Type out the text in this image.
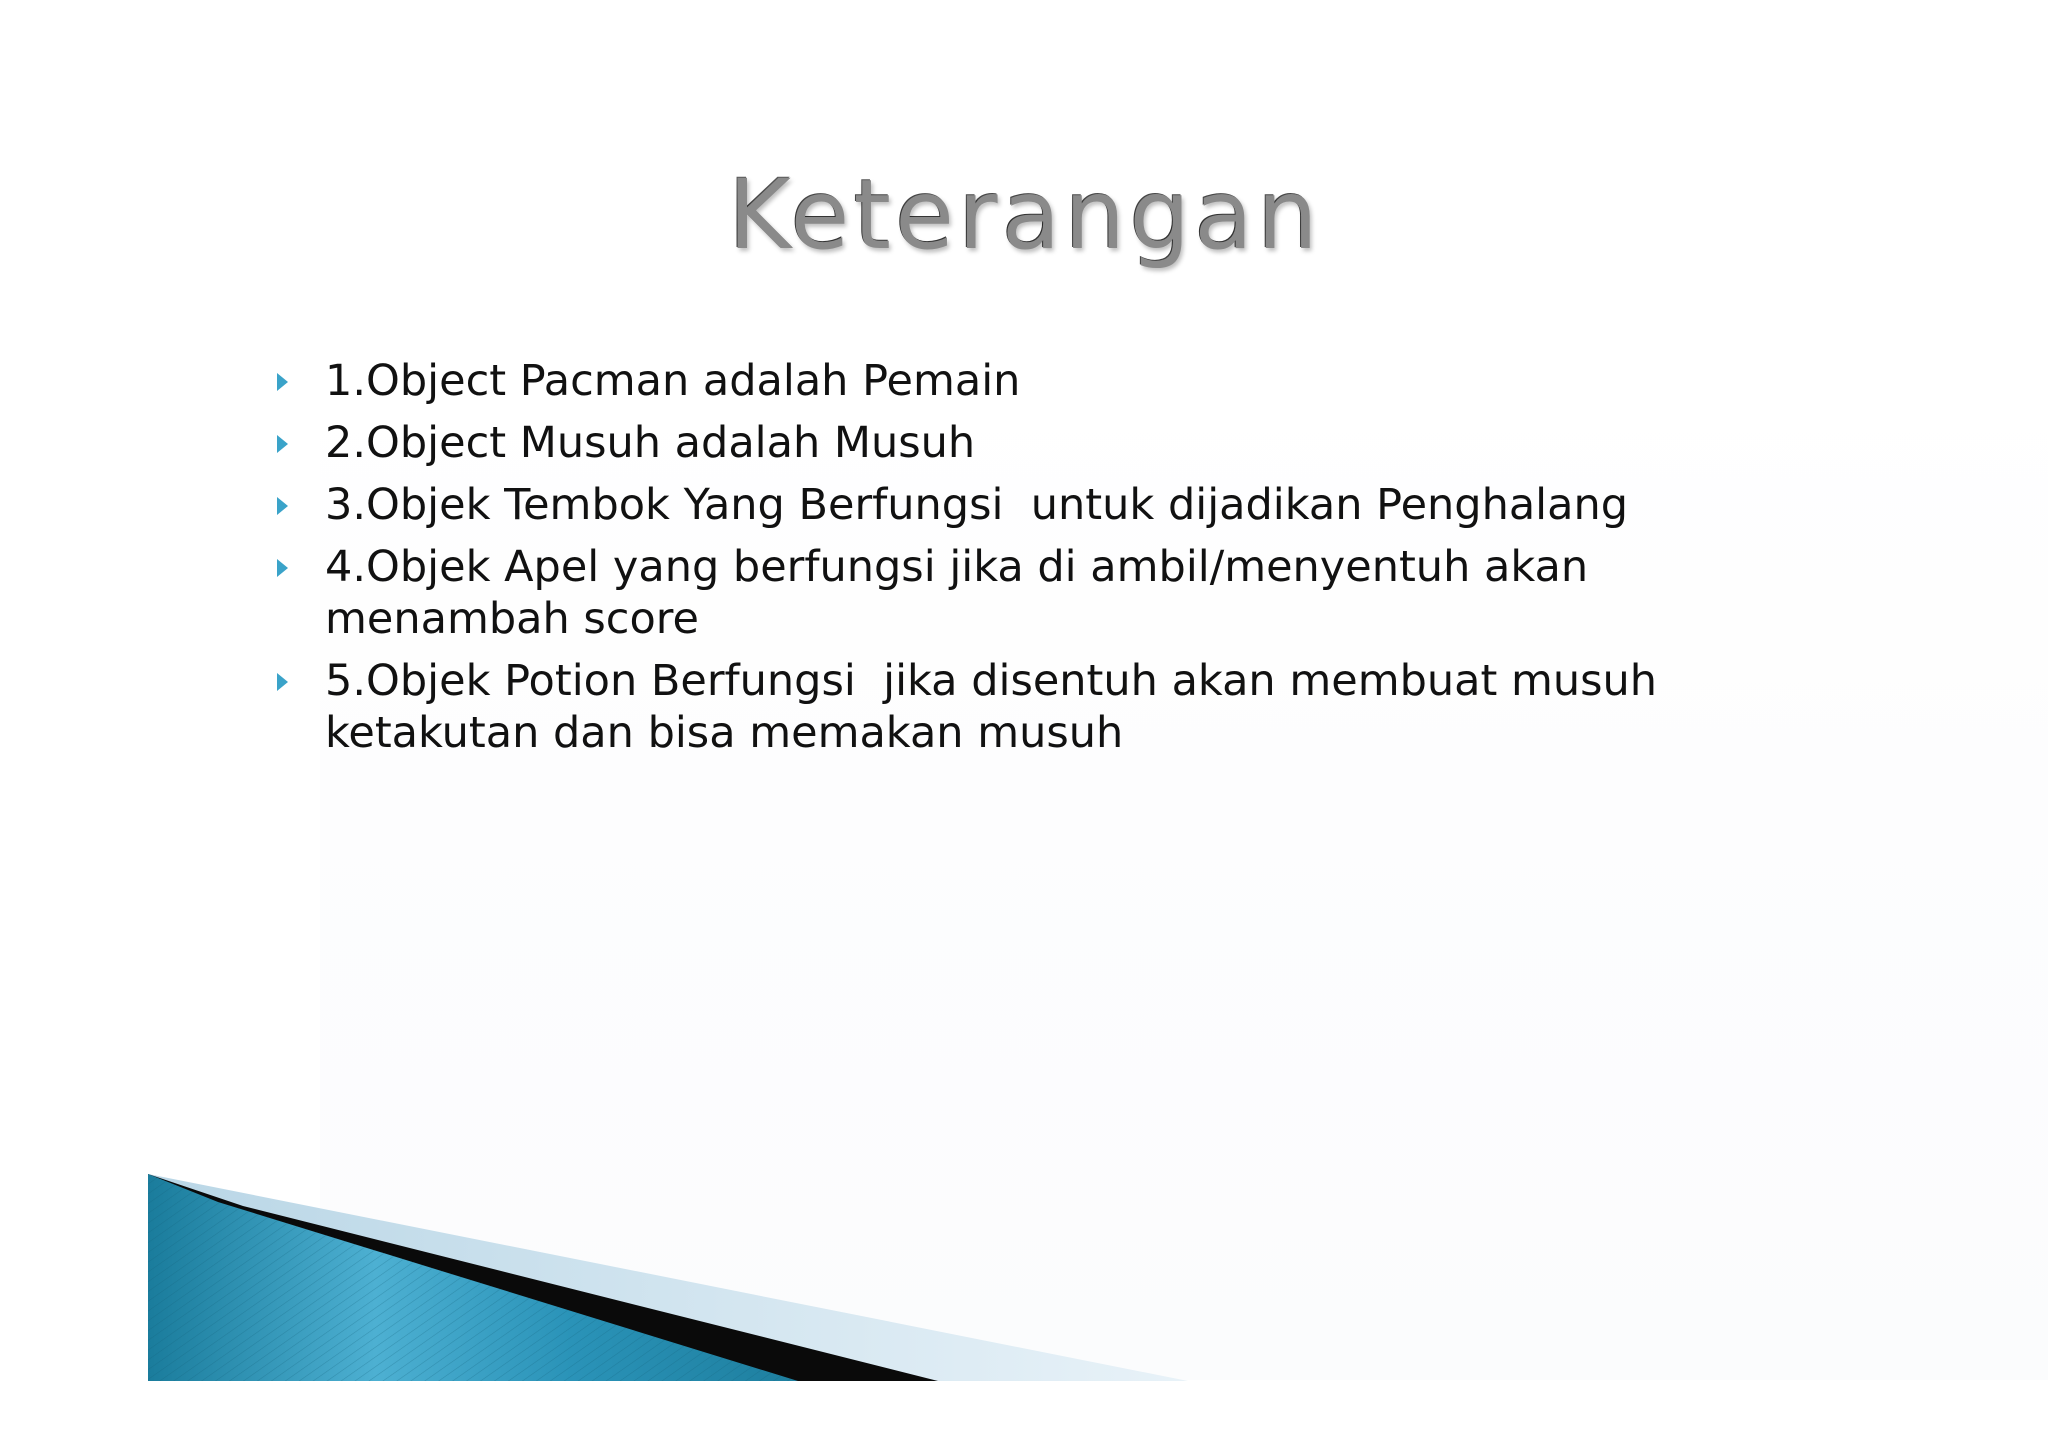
Keterangan
1.Object Pacman adalah Pemain
2.Object Musuh adalah Musuh
3.Objek Tembok Yang Berfungsi  untuk dijadikan Penghalang
4.Objek Apel yang berfungsi jika di ambil/menyentuh akan menambah score
5.Objek Potion Berfungsi  jika disentuh akan membuat musuh ketakutan dan bisa memakan musuh
